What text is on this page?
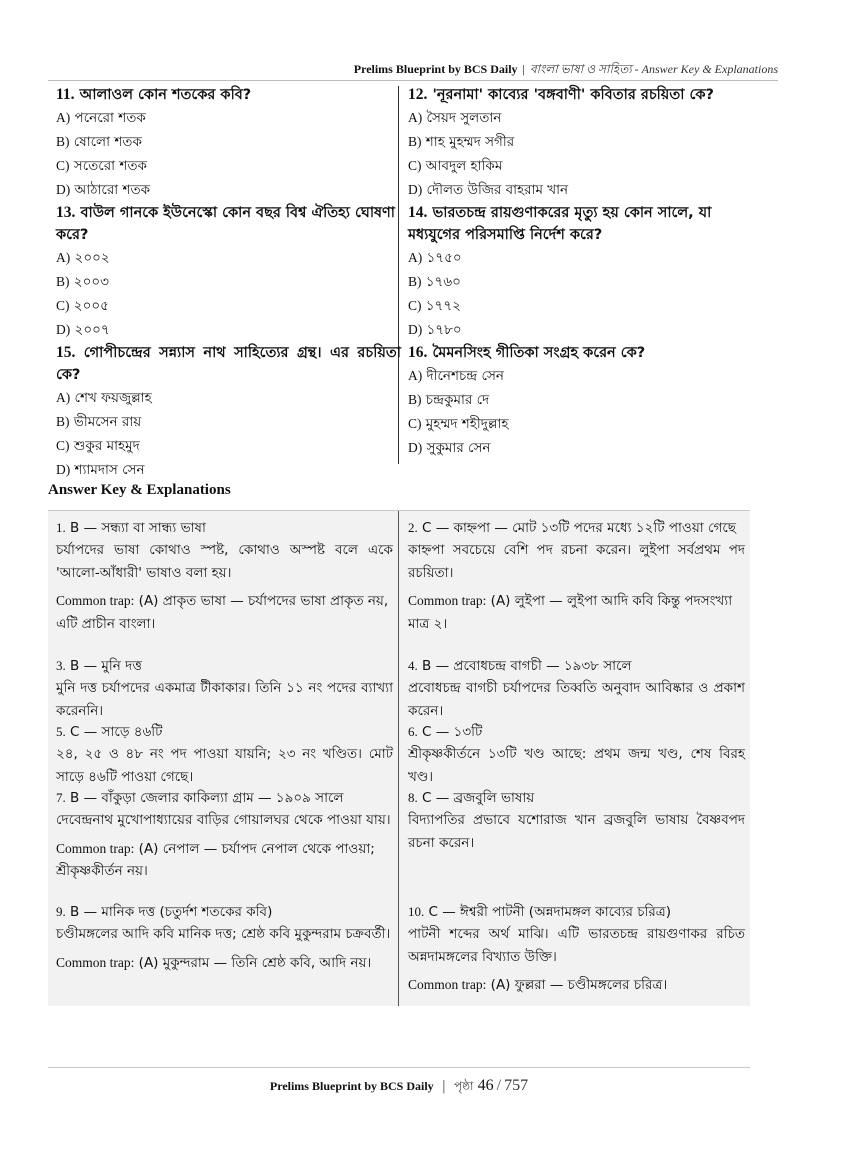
Prelims Blueprint by BCS Daily | বাংলা ভাষা ও সাহিত্য - Answer Key & Explanations
11. আলাওল কোন শতকের কবি?
A) পনেরো শতক
B) ষোলো শতক
C) সতেরো শতক
D) আঠারো শতক
13. বাউল গানকে ইউনেস্কো কোন বছর বিশ্ব ঐতিহ্য ঘোষণা করে?
A) ২০০২
B) ২০০৩
C) ২০০৫
D) ২০০৭
15. গোপীচন্দ্রের সন্ন্যাস নাথ সাহিত্যের গ্রন্থ। এর রচয়িতা কে?
A) শেখ ফয়জুল্লাহ
B) ভীমসেন রায়
C) শুকুর মাহমুদ
D) শ্যামদাস সেন
12. 'নূরনামা' কাব্যের 'বঙ্গবাণী' কবিতার রচয়িতা কে?
A) সৈয়দ সুলতান
B) শাহ মুহম্মদ সগীর
C) আবদুল হাকিম
D) দৌলত উজির বাহরাম খান
14. ভারতচন্দ্র রায়গুণাকরের মৃত্যু হয় কোন সালে, যা মধ্যযুগের পরিসমাপ্তি নির্দেশ করে?
A) ১৭৫০
B) ১৭৬০
C) ১৭৭২
D) ১৭৮০
16. মৈমনসিংহ গীতিকা সংগ্রহ করেন কে?
A) দীনেশচন্দ্র সেন
B) চন্দ্রকুমার দে
C) মুহম্মদ শহীদুল্লাহ
D) সুকুমার সেন
Answer Key & Explanations
1. B — সন্ধ্যা বা সান্ধ্য ভাষা
চর্যাপদের ভাষা কোথাও স্পষ্ট, কোথাও অস্পষ্ট বলে একে 'আলো-আঁধারী' ভাষাও বলা হয়।
Common trap: (A) প্রাকৃত ভাষা — চর্যাপদের ভাষা প্রাকৃত নয়, এটি প্রাচীন বাংলা।
3. B — মুনি দত্ত
মুনি দত্ত চর্যাপদের একমাত্র টীকাকার। তিনি ১১ নং পদের ব্যাখ্যা করেননি।
5. C — সাড়ে ৪৬টি
২৪, ২৫ ও ৪৮ নং পদ পাওয়া যায়নি; ২৩ নং খণ্ডিত। মোট সাড়ে ৪৬টি পাওয়া গেছে।
7. B — বাঁকুড়া জেলার কাকিল্যা গ্রাম — ১৯০৯ সালে
দেবেন্দ্রনাথ মুখোপাধ্যায়ের বাড়ির গোয়ালঘর থেকে পাওয়া যায়।
Common trap: (A) নেপাল — চর্যাপদ নেপাল থেকে পাওয়া; শ্রীকৃষ্ণকীর্তন নয়।
9. B — মানিক দত্ত (চতুর্দশ শতকের কবি)
চণ্ডীমঙ্গলের আদি কবি মানিক দত্ত; শ্রেষ্ঠ কবি মুকুন্দরাম চক্রবর্তী।
Common trap: (A) মুকুন্দরাম — তিনি শ্রেষ্ঠ কবি, আদি নয়।
2. C — কাহ্নপা — মোট ১৩টি পদের মধ্যে ১২টি পাওয়া গেছে
কাহ্নপা সবচেয়ে বেশি পদ রচনা করেন। লুইপা সর্বপ্রথম পদ রচয়িতা।
Common trap: (A) লুইপা — লুইপা আদি কবি কিন্তু পদসংখ্যা মাত্র ২।
4. B — প্রবোধচন্দ্র বাগচী — ১৯৩৮ সালে
প্রবোধচন্দ্র বাগচী চর্যাপদের তিব্বতি অনুবাদ আবিষ্কার ও প্রকাশ করেন।
6. C — ১৩টি
শ্রীকৃষ্ণকীর্তনে ১৩টি খণ্ড আছে: প্রথম জন্ম খণ্ড, শেষ বিরহ খণ্ড।
8. C — ব্রজবুলি ভাষায়
বিদ্যাপতির প্রভাবে যশোরাজ খান ব্রজবুলি ভাষায় বৈষ্ণবপদ রচনা করেন।
10. C — ঈশ্বরী পাটনী (অন্নদামঙ্গল কাব্যের চরিত্র)
পাটনী শব্দের অর্থ মাঝি। এটি ভারতচন্দ্র রায়গুণাকর রচিত অন্নদামঙ্গলের বিখ্যাত উক্তি।
Common trap: (A) ফুল্লরা — চণ্ডীমঙ্গলের চরিত্র।
Prelims Blueprint by BCS Daily | পৃষ্ঠা 46 / 757
